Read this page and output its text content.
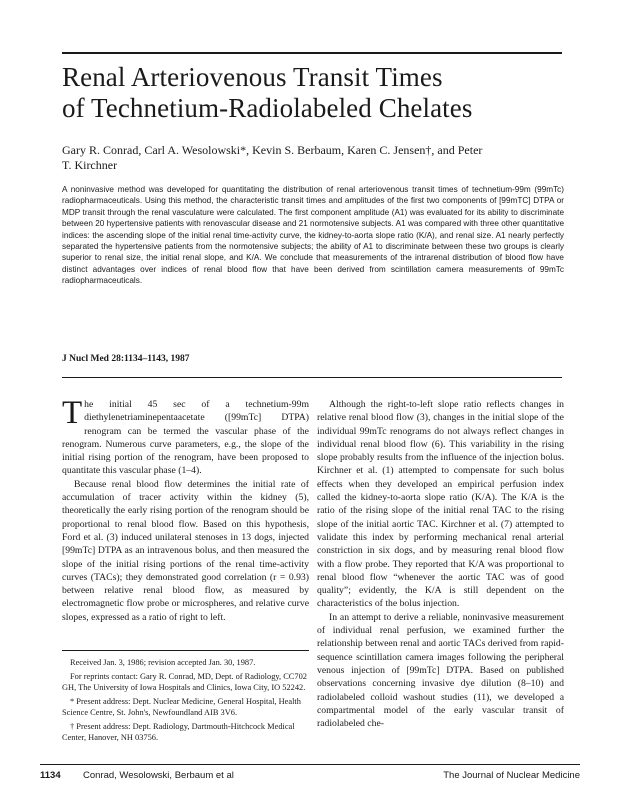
Renal Arteriovenous Transit Times
of Technetium-Radiolabeled Chelates
Gary R. Conrad, Carl A. Wesolowski*, Kevin S. Berbaum, Karen C. Jensen†, and Peter T. Kirchner
A noninvasive method was developed for quantitating the distribution of renal arteriovenous transit times of technetium-99m (99mTc) radiopharmaceuticals. Using this method, the characteristic transit times and amplitudes of the first two components of [99mTC] DTPA or MDP transit through the renal vasculature were calculated. The first component amplitude (A1) was evaluated for its ability to discriminate between 20 hypertensive patients with renovascular disease and 21 normotensive subjects. A1 was compared with three other quantitative indices: the ascending slope of the initial renal time-activity curve, the kidney-to-aorta slope ratio (K/A), and renal size. A1 nearly perfectly separated the hypertensive patients from the normotensive subjects; the ability of A1 to discriminate between these two groups is clearly superior to renal size, the initial renal slope, and K/A. We conclude that measurements of the intrarenal distribution of blood flow have distinct advantages over indices of renal blood flow that have been derived from scintillation camera measurements of 99mTc radiopharmaceuticals.
J Nucl Med 28:1134–1143, 1987

The initial 45 sec of a technetium-99m diethylenetriaminepentaacetate ([99mTc] DTPA) renogram can be termed the vascular phase of the renogram. Numerous curve parameters, e.g., the slope of the initial rising portion of the renogram, have been proposed to quantitate this vascular phase (1–4).

Because renal blood flow determines the initial rate of accumulation of tracer activity within the kidney (5), theoretically the early rising portion of the renogram should be proportional to renal blood flow. Based on this hypothesis, Ford et al. (3) induced unilateral stenoses in 13 dogs, injected [99mTc] DTPA as an intravenous bolus, and then measured the slope of the initial rising portions of the renal time-activity curves (TACs); they demonstrated good correlation (r = 0.93) between relative renal blood flow, as measured by electromagnetic flow probe or microspheres, and relative curve slopes, expressed as a ratio of right to left.

Received Jan. 3, 1986; revision accepted Jan. 30, 1987.

For reprints contact: Gary R. Conrad, MD, Dept. of Radiology, CC702 GH, The University of Iowa Hospitals and Clinics, Iowa City, IO 52242.

* Present address: Dept. Nuclear Medicine, General Hospital, Health Science Centre, St. John's, Newfoundland AIB 3V6.

† Present address: Dept. Radiology, Dartmouth-Hitchcock Medical Center, Hanover, NH 03756.

Although the right-to-left slope ratio reflects changes in relative renal blood flow (3), changes in the initial slope of the individual 99mTc renograms do not always reflect changes in individual renal blood flow (6). This variability in the rising slope probably results from the influence of the injection bolus. Kirchner et al. (1) attempted to compensate for such bolus effects when they developed an empirical perfusion index called the kidney-to-aorta slope ratio (K/A). The K/A is the ratio of the rising slope of the initial renal TAC to the rising slope of the initial aortic TAC. Kirchner et al. (7) attempted to validate this index by performing mechanical renal arterial constriction in six dogs, and by measuring renal blood flow with a flow probe. They reported that K/A was proportional to renal blood flow “whenever the aortic TAC was of good quality”; evidently, the K/A is still dependent on the characteristics of the bolus injection.

In an attempt to derive a reliable, noninvasive measurement of individual renal perfusion, we examined further the relationship between renal and aortic TACs derived from rapid-sequence scintillation camera images following the peripheral venous injection of [99mTc] DTPA. Based on published observations concerning invasive dye dilution (8–10) and radiolabeled colloid washout studies (11), we developed a compartmental model of the early vascular transit of radiolabeled che-

1134 Conrad, Wesolowski, Berbaum et al	The Journal of Nuclear Medicine
